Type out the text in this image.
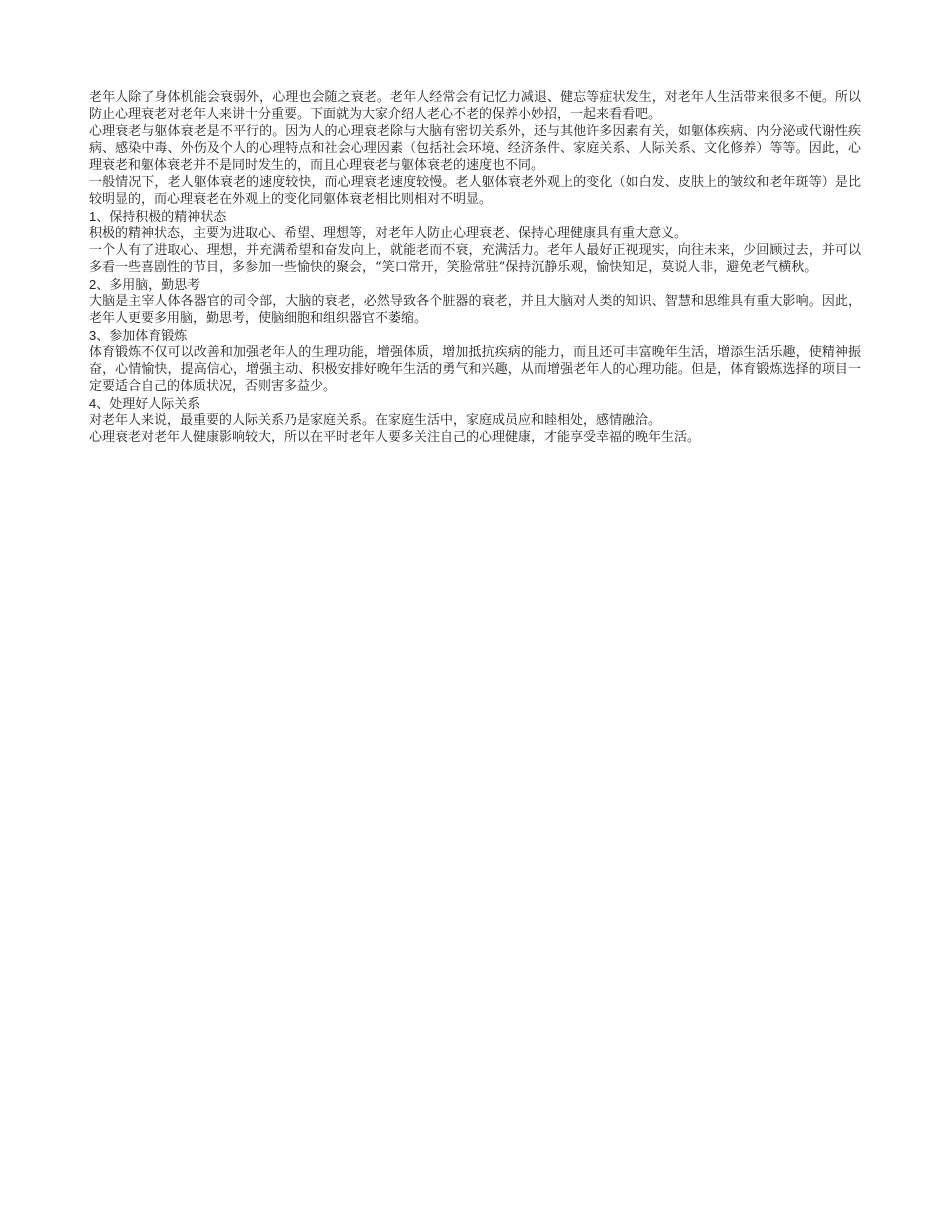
老年人除了身体机能会衰弱外，心理也会随之衰老。老年人经常会有记忆力减退、健忘等症状发生，对老年人生活带来很多不便。所以防止心理衰老对老年人来讲十分重要。下面就为大家介绍人老心不老的保养小妙招，一起来看看吧。

心理衰老与躯体衰老是不平行的。因为人的心理衰老除与大脑有密切关系外，还与其他许多因素有关，如躯体疾病、内分泌或代谢性疾病、感染中毒、外伤及个人的心理特点和社会心理因素（包括社会环境、经济条件、家庭关系、人际关系、文化修养）等等。因此，心理衰老和躯体衰老并不是同时发生的，而且心理衰老与躯体衰老的速度也不同。

一般情况下，老人躯体衰老的速度较快，而心理衰老速度较慢。老人躯体衰老外观上的变化（如白发、皮肤上的皱纹和老年斑等）是比较明显的，而心理衰老在外观上的变化同躯体衰老相比则相对不明显。

1、保持积极的精神状态

积极的精神状态，主要为进取心、希望、理想等，对老年人防止心理衰老、保持心理健康具有重大意义。

一个人有了进取心、理想，并充满希望和奋发向上，就能老而不衰，充满活力。老年人最好正视现实，向往未来，少回顾过去，并可以多看一些喜剧性的节目，多参加一些愉快的聚会，“笑口常开，笑脸常驻”保持沉静乐观，愉快知足，莫说人非，避免老气横秋。

2、多用脑，勤思考

大脑是主宰人体各器官的司令部，大脑的衰老，必然导致各个脏器的衰老，并且大脑对人类的知识、智慧和思维具有重大影响。因此，老年人更要多用脑，勤思考，使脑细胞和组织器官不萎缩。

3、参加体育锻炼

体育锻炼不仅可以改善和加强老年人的生理功能，增强体质，增加抵抗疾病的能力，而且还可丰富晚年生活，增添生活乐趣，使精神振奋，心情愉快，提高信心，增强主动、积极安排好晚年生活的勇气和兴趣，从而增强老年人的心理功能。但是，体育锻炼选择的项目一定要适合自己的体质状况，否则害多益少。

4、处理好人际关系

对老年人来说，最重要的人际关系乃是家庭关系。在家庭生活中，家庭成员应和睦相处，感情融洽。

心理衰老对老年人健康影响较大，所以在平时老年人要多关注自己的心理健康，才能享受幸福的晚年生活。
